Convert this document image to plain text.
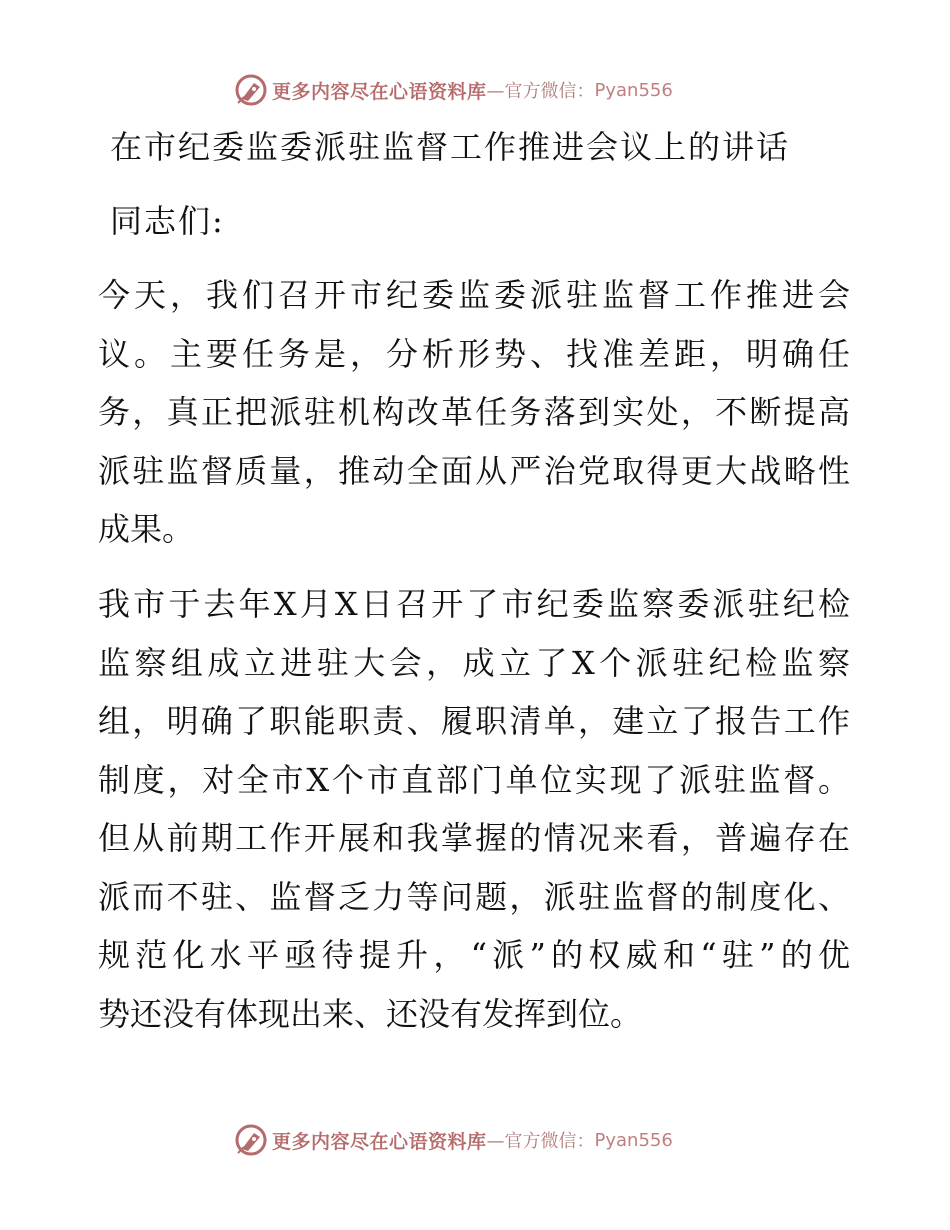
更多内容尽在心语资料库 —官方微信： Pyan556
在市纪委监委派驻监督工作推进会议上的讲话
同志们:
今天，我们召开市纪委监委派驻监督工作推进会
议。主要任务是，分析形势、找准差距，明确任
务，真正把派驻机构改革任务落到实处，不断提高
派驻监督质量，推动全面从严治党取得更大战略性
成果。
我市于去年X月X日召开了市纪委监察委派驻纪检
监察组成立进驻大会，成立了X个派驻纪检监察
组，明确了职能职责、履职清单，建立了报告工作
制度，对全市X个市直部门单位实现了派驻监督。
但从前期工作开展和我掌握的情况来看，普遍存在
派而不驻、监督乏力等问题，派驻监督的制度化、
规范化水平亟待提升，“派”的权威和“驻”的优
势还没有体现出来、还没有发挥到位。
更多内容尽在心语资料库 —官方微信： Pyan556
